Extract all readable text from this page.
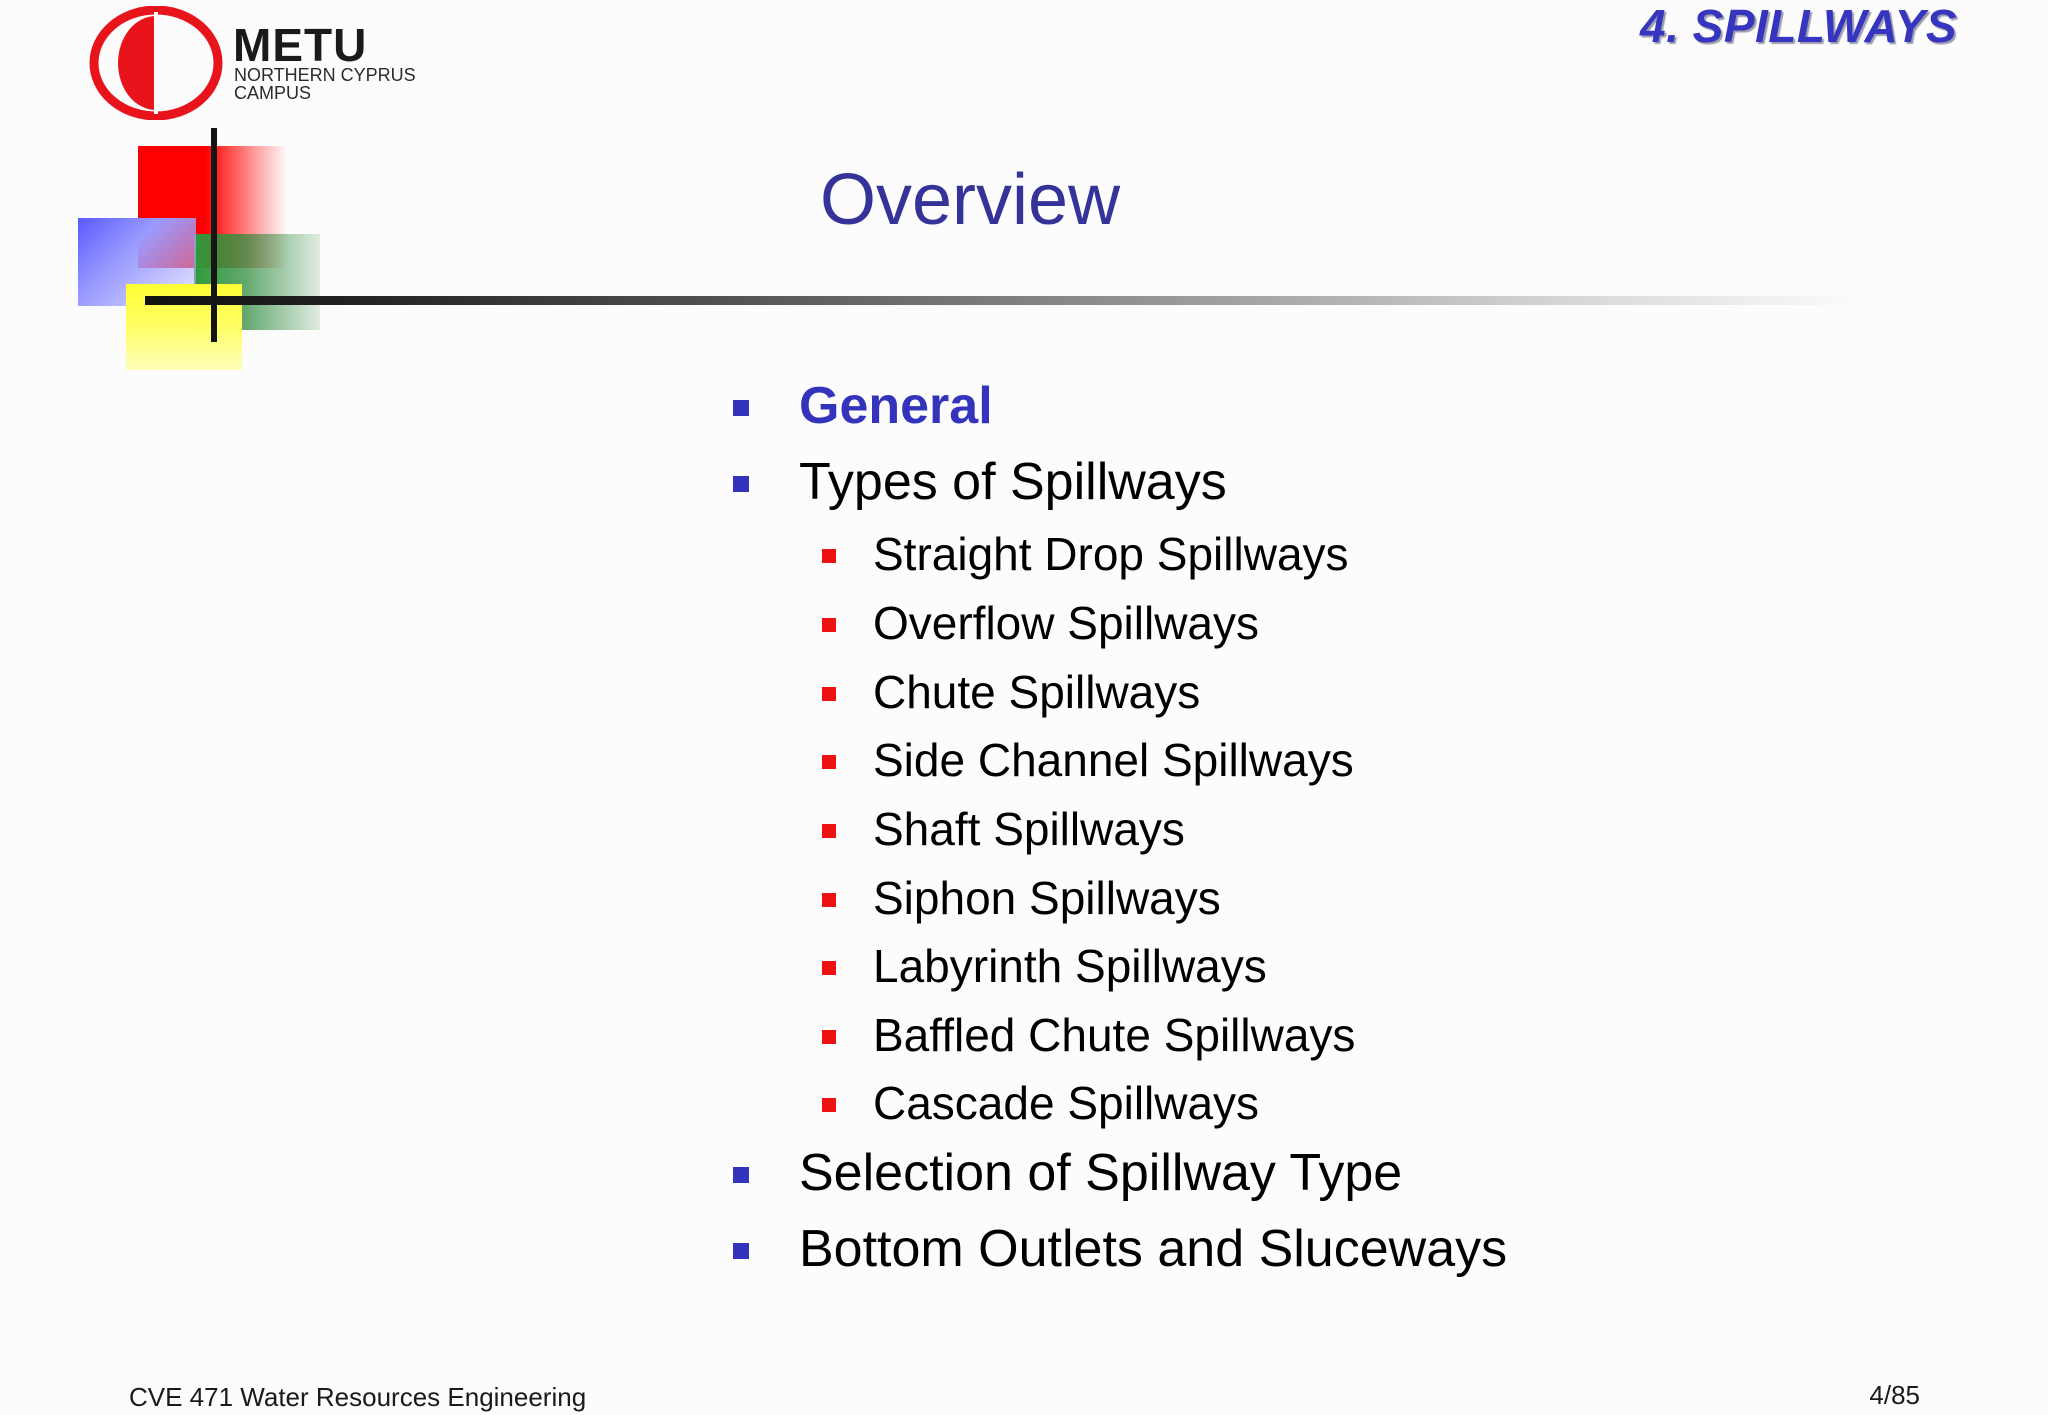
METU
NORTHERN CYPRUS
CAMPUS
4. SPILLWAYS
Overview
General
Types of Spillways
Straight Drop Spillways
Overflow Spillways
Chute Spillways
Side Channel Spillways
Shaft Spillways
Siphon Spillways
Labyrinth Spillways
Baffled Chute Spillways
Cascade Spillways
Selection of Spillway Type
Bottom Outlets and Sluceways
CVE 471 Water Resources Engineering	4/85
